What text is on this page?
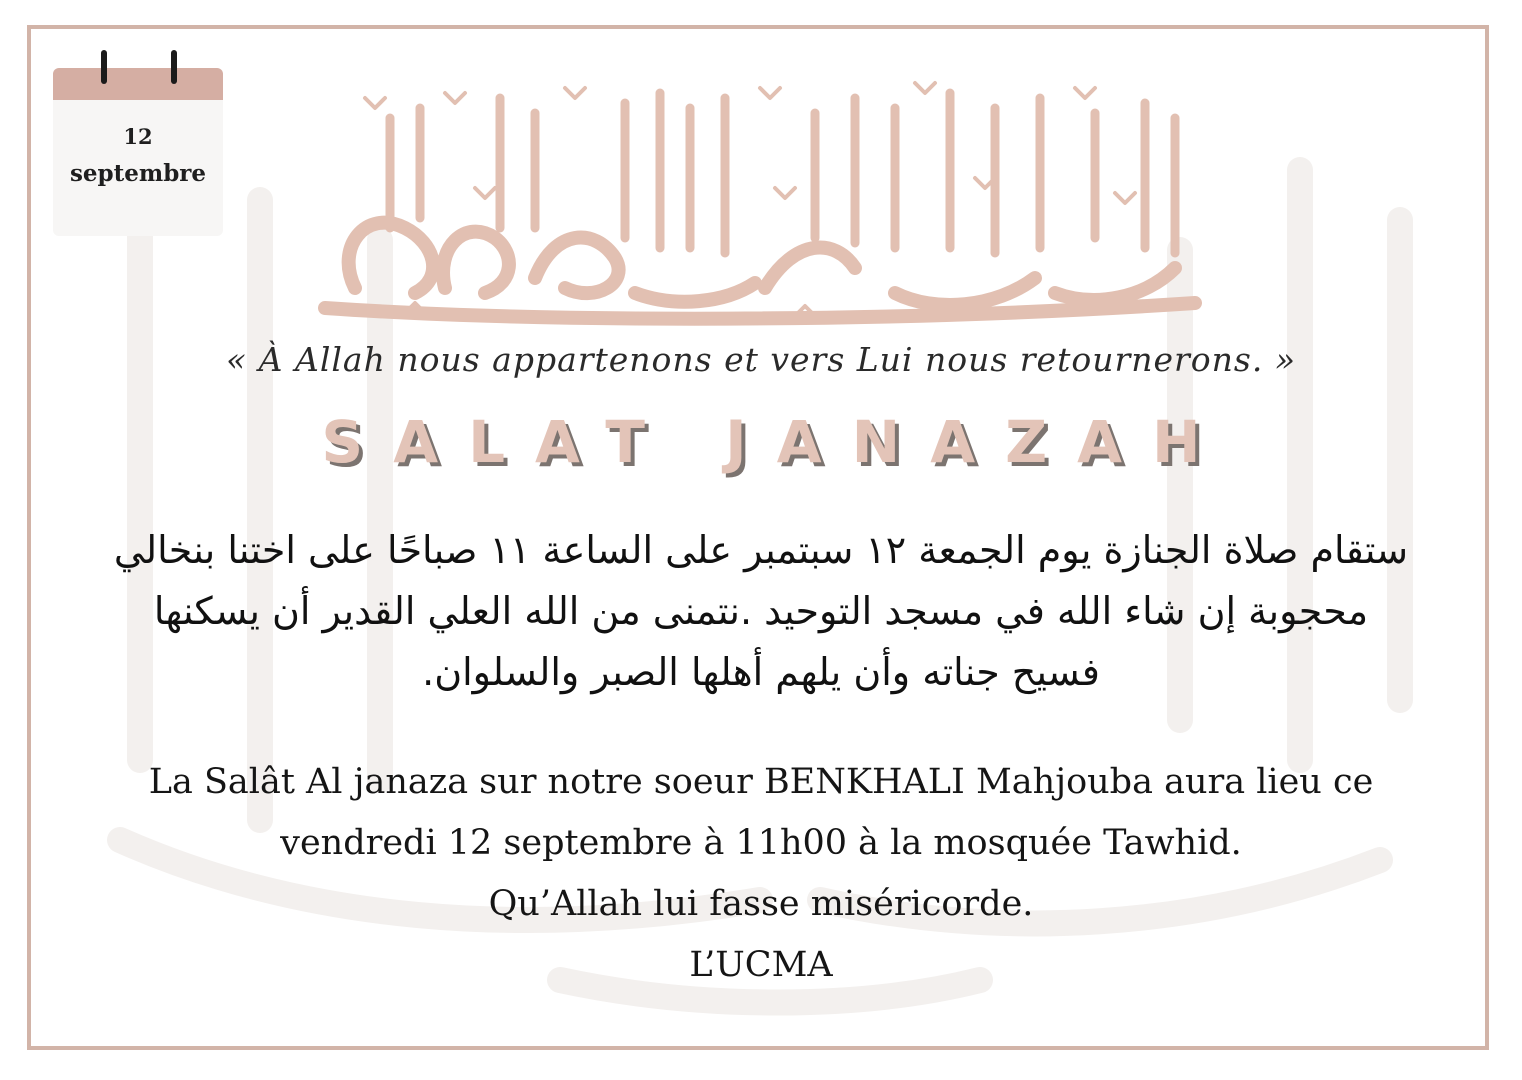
12
septembre
« À Allah nous appartenons et vers Lui nous retournerons. »
SALAT JANAZAH

ستقام صلاة الجنازة يوم الجمعة ١٢ سبتمبر على الساعة ١١ صباحًا على اختنا بنخالي

محجوبة إن شاء الله في مسجد التوحيد .نتمنى من الله العلي القدير أن يسكنها

فسيح جناته وأن يلهم أهلها الصبر والسلوان.

La Salât Al janaza sur notre soeur BENKHALI Mahjouba aura lieu ce

vendredi 12 septembre à 11h00 à la mosquée Tawhid.

Qu’Allah lui fasse miséricorde.

L’UCMA
